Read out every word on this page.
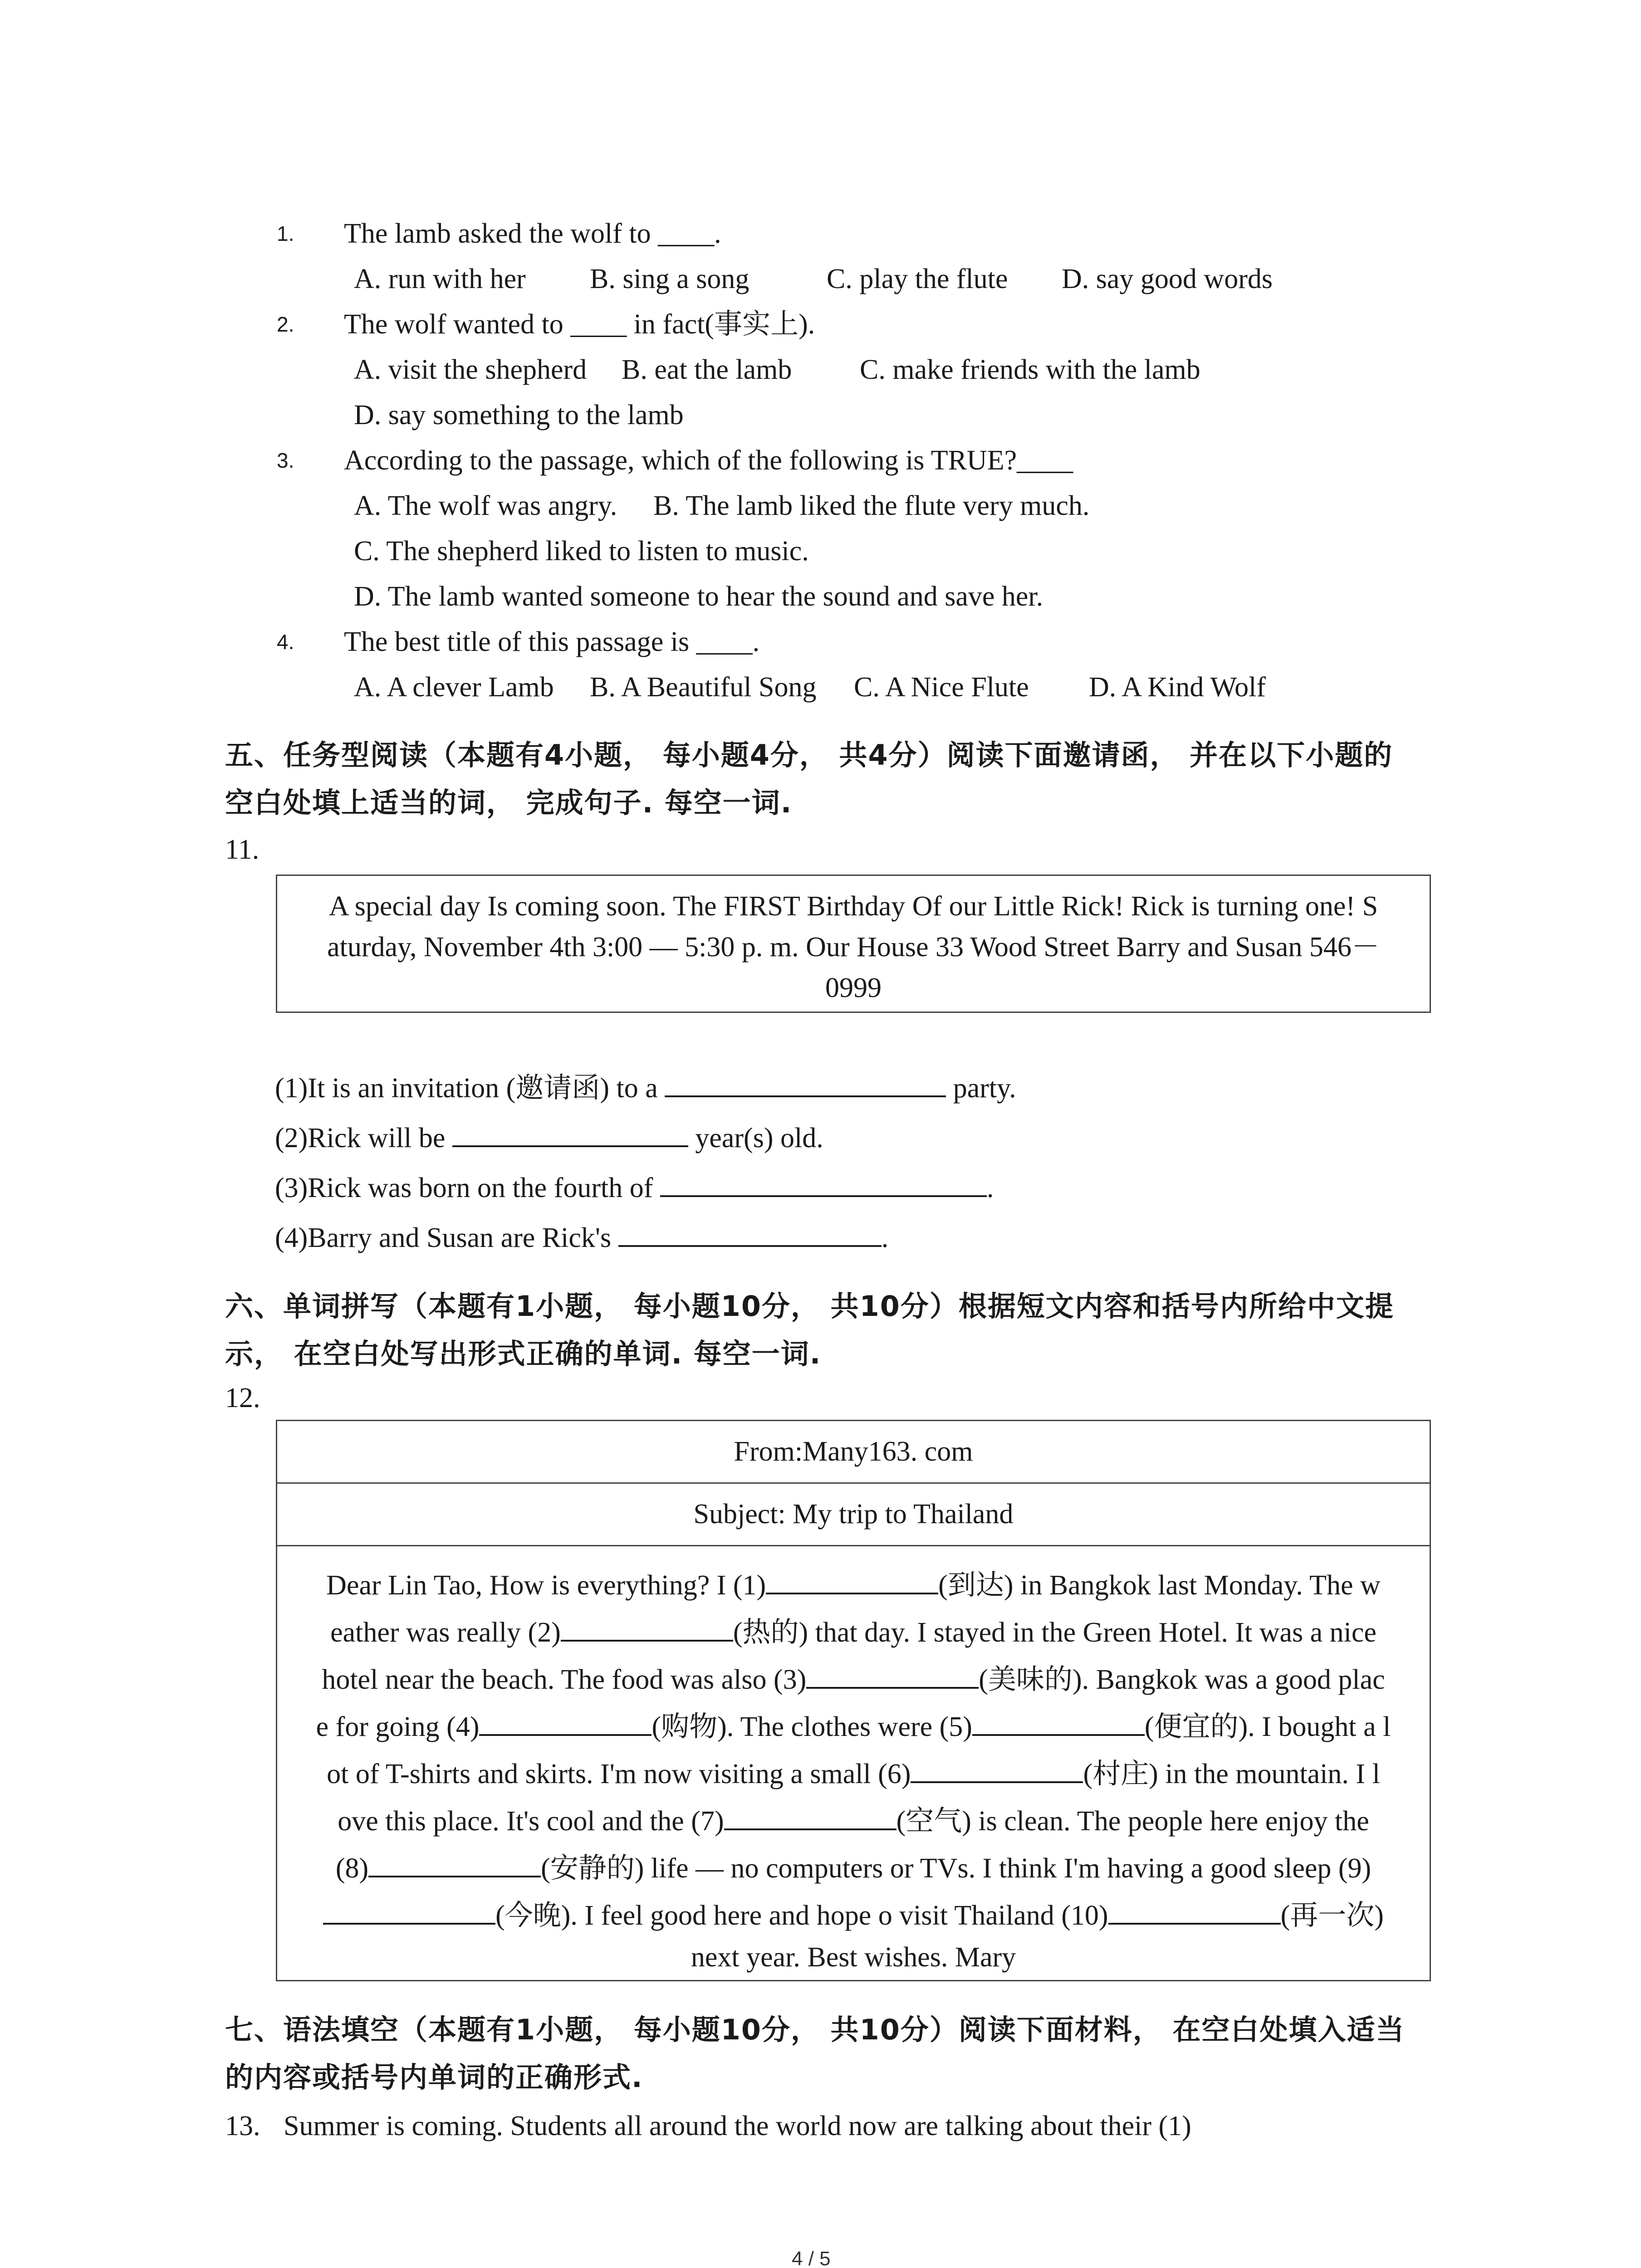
1. The lamb asked the wolf to ____.
A. run with her B. sing a song	C. play the flute D. say good words
2. The wolf wanted to ____ in fact(事实上).
A. visit the shepherd B. eat the lamb C. make friends with the lamb
D. say something to the lamb
3. According to the passage, which of the following is TRUE?____
A. The wolf was angry. B. The lamb liked the flute very much.
C. The shepherd liked to listen to music.
D. The lamb wanted someone to hear the sound and save her.
4. The best title of this passage is ____.
A. A clever Lamb B. A Beautiful Song C. A Nice Flute D. A Kind Wolf
五、任务型阅读（本题有4小题， 每小题4分， 共4分）阅读下面邀请函， 并在以下小题的
空白处填上适当的词， 完成句子. 每空一词.
11.
A special day Is coming soon. The FIRST Birthday Of our Little Rick! Rick is turning one! S
aturday, November 4th 3:00 — 5:30 p. m. Our House 33 Wood Street Barry and Susan 546－
0999
(1)It is an invitation (邀请函) to a	party.
(2)Rick will be	year(s) old.
(3)Rick was born on the fourth of	.
(4)Barry and Susan are Rick's	.
六、单词拼写（本题有1小题， 每小题10分， 共10分）根据短文内容和括号内所给中文提
示， 在空白处写出形式正确的单词. 每空一词.
12.
From:Many163. com
Subject: My trip to Thailand
Dear Lin Tao, How is everything? I (1)	(到达) in Bangkok last Monday. The w
eather was really (2)	(热的) that day. I stayed in the Green Hotel. It was a nice
hotel near the beach. The food was also (3)	(美味的). Bangkok was a good plac
e for going (4)	(购物). The clothes were (5)	(便宜的). I bought a l
ot of T-shirts and skirts. I'm now visiting a small (6)	(村庄) in the mountain. I l
ove this place. It's cool and the (7)	(空气) is clean. The people here enjoy the
(8)	(安静的) life — no computers or TVs. I think I'm having a good sleep (9)
(今晚). I feel good here and hope o visit Thailand (10)	(再一次)
next year. Best wishes. Mary
七、语法填空（本题有1小题， 每小题10分， 共10分）阅读下面材料， 在空白处填入适当
的内容或括号内单词的正确形式.
13. Summer is coming. Students all around the world now are talking about their (1)
4 / 5
